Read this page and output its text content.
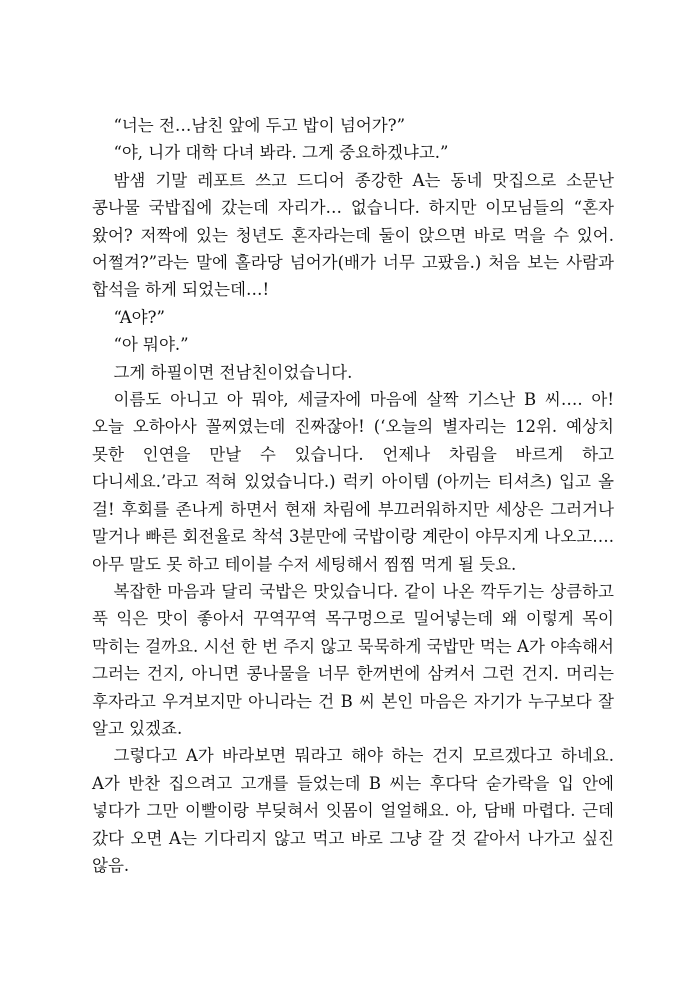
“너는 전…남친 앞에 두고 밥이 넘어가?”

“야, 니가 대학 다녀 봐라. 그게 중요하겠냐고.”

밤샘 기말 레포트 쓰고 드디어 종강한 A는 동네 맛집으로 소문난 콩나물 국밥집에 갔는데 자리가… 없습니다. 하지만 이모님들의 “혼자 왔어? 저짝에 있는 청년도 혼자라는데 둘이 앉으면 바로 먹을 수 있어. 어쩔겨?”라는 말에 홀라당 넘어가(배가 너무 고팠음.) 처음 보는 사람과 합석을 하게 되었는데…!

“A야?”

“아 뭐야.”

그게 하필이면 전남친이었습니다.

이름도 아니고 아 뭐야, 세글자에 마음에 살짝 기스난 B 씨…. 아! 오늘 오하아사 꼴찌였는데 진짜잖아! (‘오늘의 별자리는 12위. 예상치 못한 인연을 만날 수 있습니다. 언제나 차림을 바르게 하고 다니세요.’라고 적혀 있었습니다.) 럭키 아이템 (아끼는 티셔츠) 입고 올 걸! 후회를 존나게 하면서 현재 차림에 부끄러워하지만 세상은 그러거나 말거나 빠른 회전율로 착석 3분만에 국밥이랑 계란이 야무지게 나오고…. 아무 말도 못 하고 테이블 수저 세팅해서 찜찜 먹게 될 듯요.

복잡한 마음과 달리 국밥은 맛있습니다. 같이 나온 깍두기는 상큼하고 푹 익은 맛이 좋아서 꾸역꾸역 목구멍으로 밀어넣는데 왜 이렇게 목이 막히는 걸까요. 시선 한 번 주지 않고 묵묵하게 국밥만 먹는 A가 야속해서 그러는 건지, 아니면 콩나물을 너무 한꺼번에 삼켜서 그런 건지. 머리는 후자라고 우겨보지만 아니라는 건 B 씨 본인 마음은 자기가 누구보다 잘 알고 있겠죠.

그렇다고 A가 바라보면 뭐라고 해야 하는 건지 모르겠다고 하네요. A가 반찬 집으려고 고개를 들었는데 B 씨는 후다닥 숟가락을 입 안에 넣다가 그만 이빨이랑 부딪혀서 잇몸이 얼얼해요. 아, 담배 마렵다. 근데 갔다 오면 A는 기다리지 않고 먹고 바로 그냥 갈 것 같아서 나가고 싶진 않음.
